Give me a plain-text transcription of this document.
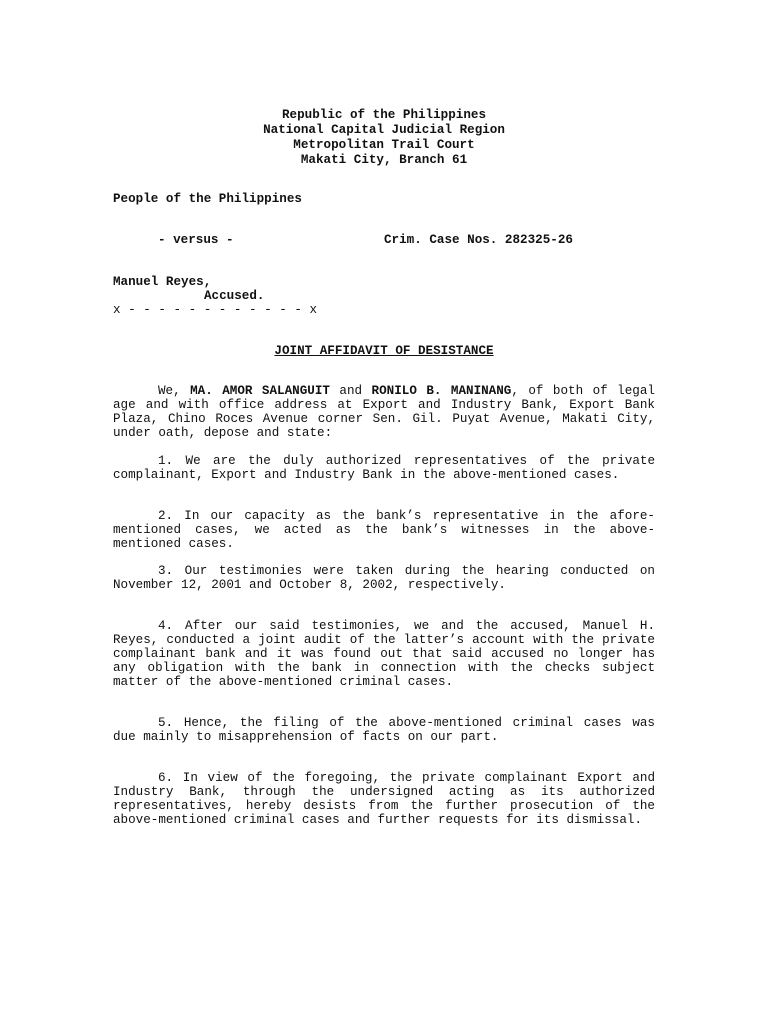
Republic of the Philippines
National Capital Judicial Region
Metropolitan Trail Court
Makati City, Branch 61
People of the Philippines
- versus -	Crim. Case Nos. 282325-26
Manuel Reyes,
Accused.
x - - - - - - - - - - - - x
JOINT AFFIDAVIT OF DESISTANCE
We, MA. AMOR SALANGUIT and RONILO B. MANINANG, of both of legal age and with office address at Export and Industry Bank, Export Bank Plaza, Chino Roces Avenue corner Sen. Gil. Puyat Avenue, Makati City, under oath, depose and state:
1. We are the duly authorized representatives of the private complainant, Export and Industry Bank in the above-mentioned cases.
2. In our capacity as the bank’s representative in the afore-mentioned cases, we acted as the bank’s witnesses in the above-mentioned cases.
3. Our testimonies were taken during the hearing conducted on November 12, 2001 and October 8, 2002, respectively.
4. After our said testimonies, we and the accused, Manuel H. Reyes, conducted a joint audit of the latter’s account with the private complainant bank and it was found out that said accused no longer has any obligation with the bank in connection with the checks subject matter of the above-mentioned criminal cases.
5. Hence, the filing of the above-mentioned criminal cases was due mainly to misapprehension of facts on our part.
6. In view of the foregoing, the private complainant Export and Industry Bank, through the undersigned acting as its authorized representatives, hereby desists from the further prosecution of the above-mentioned criminal cases and further requests for its dismissal.
